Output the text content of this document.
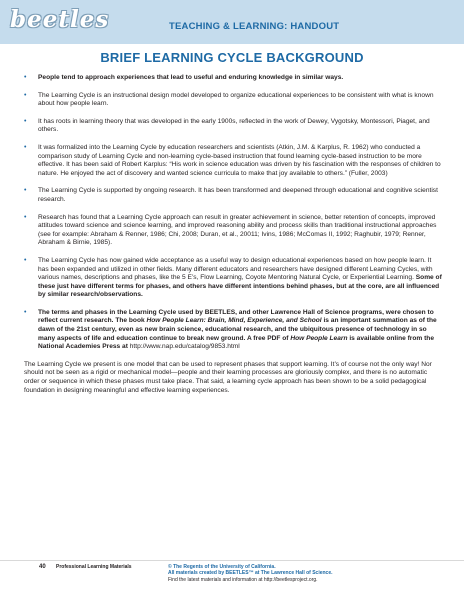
beetles	TEACHING & LEARNING: HANDOUT
BRIEF LEARNING CYCLE BACKGROUND
• People tend to approach experiences that lead to useful and enduring knowledge in similar ways.
• The Learning Cycle is an instructional design model developed to organize educational experiences to be consistent with what is known about how people learn.
• It has roots in learning theory that was developed in the early 1900s, reflected in the work of Dewey, Vygotsky, Montessori, Piaget, and others.
• It was formalized into the Learning Cycle by education researchers and scientists (Atkin, J.M. & Karplus, R. 1962) who conducted a comparison study of Learning Cycle and non-learning cycle-based instruction that found learning cycle-based instruction to be more effective. It has been said of Robert Karplus: “His work in science education was driven by his fascination with the responses of children to nature. He enjoyed the act of discovery and wanted science curricula to make that joy available to others.” (Fuller, 2003)
• The Learning Cycle is supported by ongoing research. It has been transformed and deepened through educational and cognitive scientist research.
• Research has found that a Learning Cycle approach can result in greater achievement in science, better retention of concepts, improved attitudes toward science and science learning, and improved reasoning ability and process skills than traditional instructional approaches (see for example: Abraham & Renner, 1986; Chi, 2008; Duran, et al., 20011; Ivins, 1986; McComas II, 1992; Raghubir, 1979; Renner, Abraham & Birnie, 1985).
• The Learning Cycle has now gained wide acceptance as a useful way to design educational experiences based on how people learn. It has been expanded and utilized in other fields. Many different educators and researchers have designed different Learning Cycles, with various names, descriptions and phases, like the 5 E’s, Flow Learning, Coyote Mentoring Natural Cycle, or Experiential Learning. Some of these just have different terms for phases, and others have different intentions behind phases, but at the core, are all influenced by similar research/observations.
• The terms and phases in the Learning Cycle used by BEETLES, and other Lawrence Hall of Science programs, were chosen to reflect current research. The book How People Learn: Brain, Mind, Experience, and School is an important summation as of the dawn of the 21st century, even as new brain science, educational research, and the ubiquitous presence of technology in so many aspects of life and education continue to break new ground. A free PDF of How People Learn is available online from the National Academies Press at http://www.nap.edu/catalog/9853.html
The Learning Cycle we present is one model that can be used to represent phases that support learning. It’s of course not the only way! Nor should not be seen as a rigid or mechanical model—people and their learning processes are gloriously complex, and there is no automatic order or sequence in which these phases must take place. That said, a learning cycle approach has been shown to be a solid pedagogical foundation in designing meaningful and effective learning experiences.
40 Professional Learning Materials	© The Regents of the University of California.
All materials created by BEETLES™ at The Lawrence Hall of Science.
Find the latest materials and information at http://beetlesproject.org.
